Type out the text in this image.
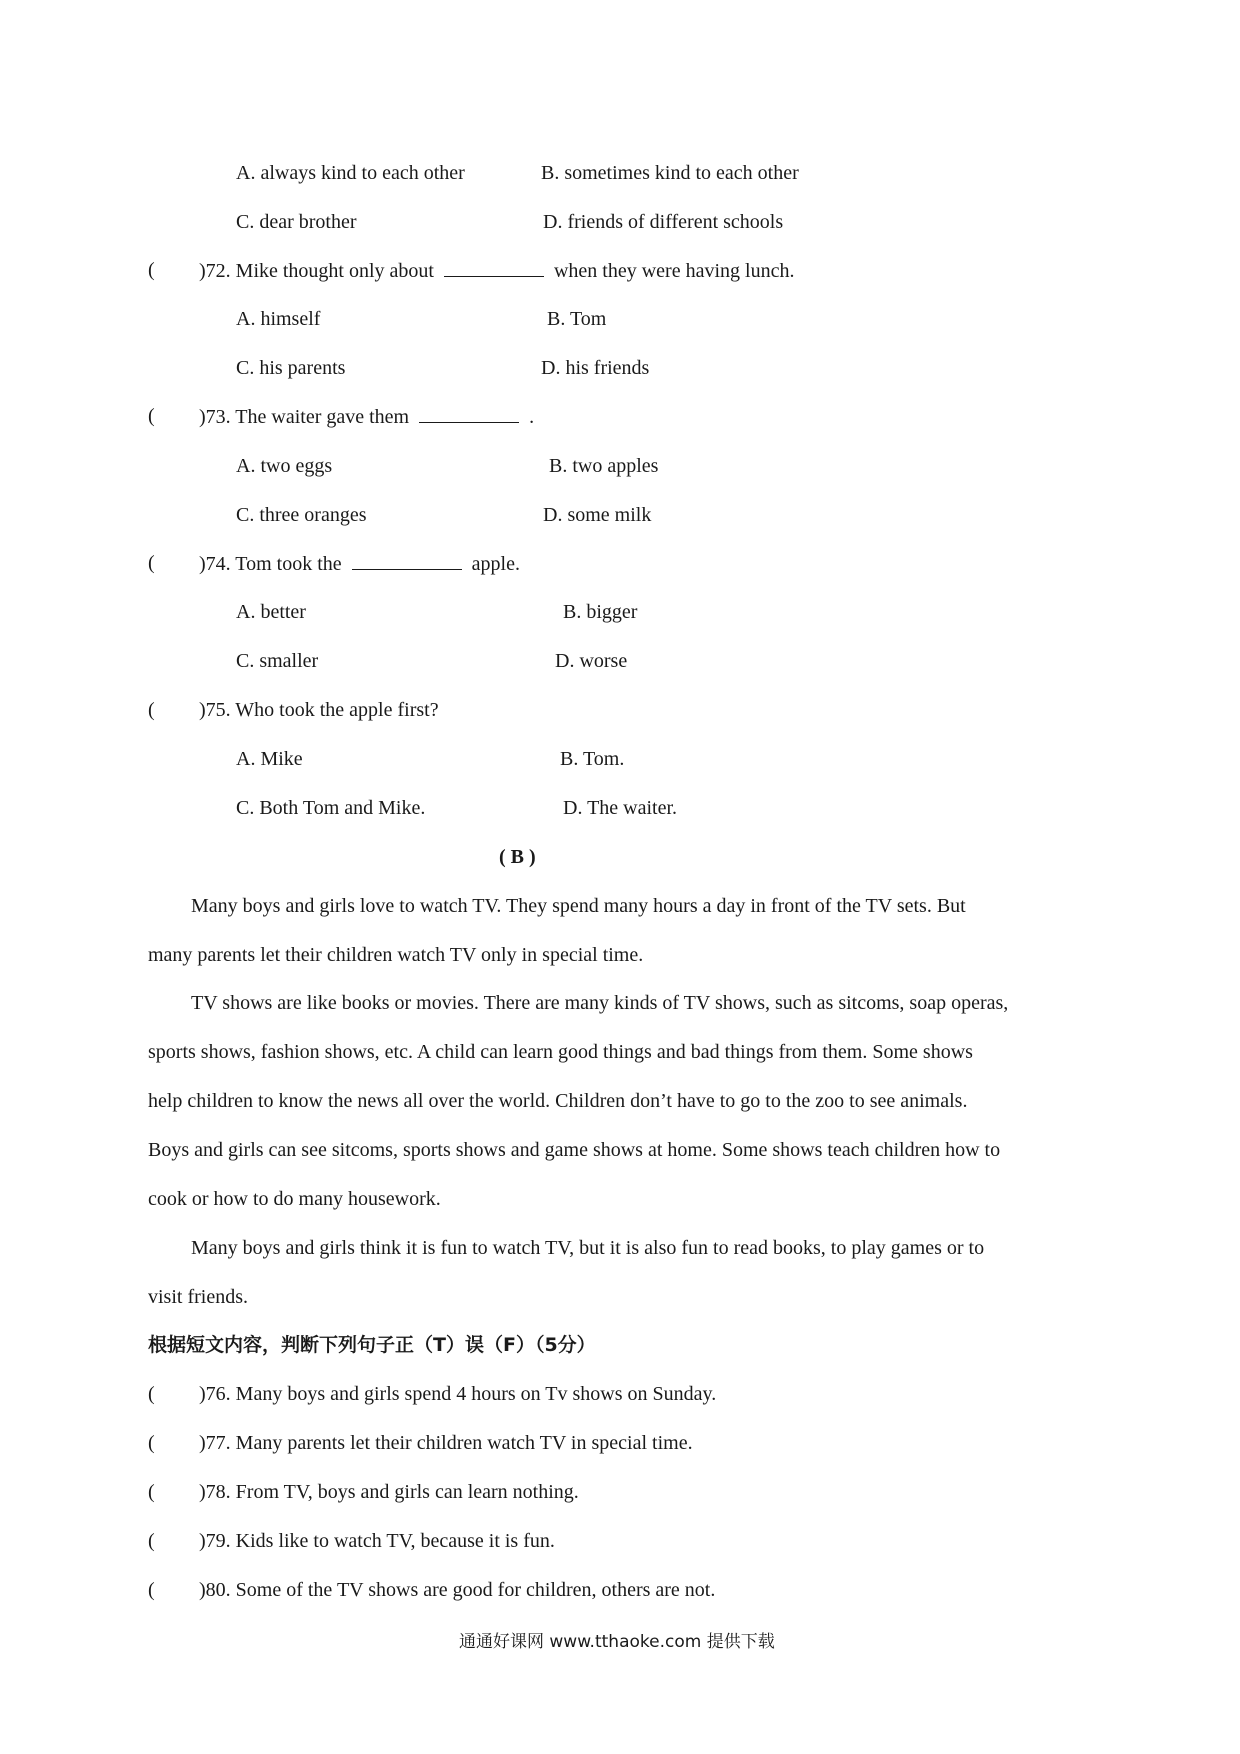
A. always kind to each other	B. sometimes kind to each other
C. dear brother	D. friends of different schools
( )72. Mike thought only about	when they were having lunch.
A. himself	B. Tom
C. his parents	D. his friends
( )73. The waiter gave them	.
A. two eggs	B. two apples
C. three oranges	D. some milk
( )74. Tom took the	apple.
A. better	B. bigger
C. smaller	D. worse
( )75. Who took the apple first?
A. Mike	B. Tom.
C. Both Tom and Mike.	D. The waiter.
( B )
Many boys and girls love to watch TV. They spend many hours a day in front of the TV sets. But
many parents let their children watch TV only in special time.
TV shows are like books or movies. There are many kinds of TV shows, such as sitcoms, soap operas,
sports shows, fashion shows, etc. A child can learn good things and bad things from them. Some shows
help children to know the news all over the world. Children don’t have to go to the zoo to see animals.
Boys and girls can see sitcoms, sports shows and game shows at home. Some shows teach children how to
cook or how to do many housework.
Many boys and girls think it is fun to watch TV, but it is also fun to read books, to play games or to
visit friends.
根据短文内容，判断下列句子正（T）误（F）（5分）
( )76. Many boys and girls spend 4 hours on Tv shows on Sunday.
( )77. Many parents let their children watch TV in special time.
( )78. From TV, boys and girls can learn nothing.
( )79. Kids like to watch TV, because it is fun.
( )80. Some of the TV shows are good for children, others are not.
通通好课网 www.tthaoke.com 提供下载
